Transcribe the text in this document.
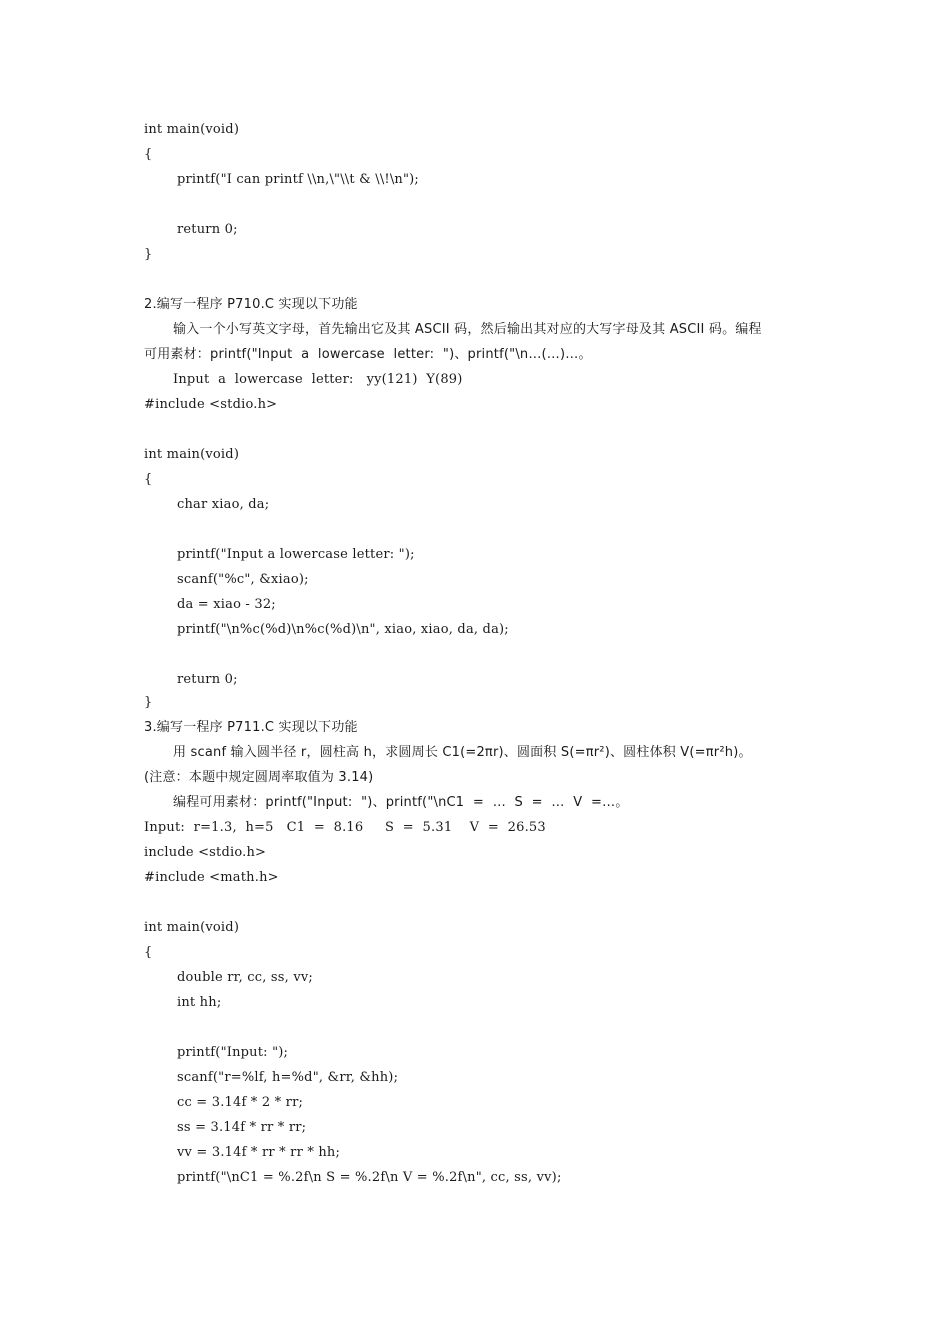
int main(void)
{
printf("I can printf \\n,\"\\t & \\!\n");
return 0;
}
2.编写一程序 P710.C 实现以下功能
输入一个小写英文字母，首先输出它及其 ASCII 码，然后输出其对应的大写字母及其 ASCII 码。编程
可用素材：printf("Input  a  lowercase  letter:  ")、printf("\n…(…)…。
Input  a  lowercase  letter:   yy(121)  Y(89)
#include <stdio.h>
int main(void)
{
char xiao, da;
printf("Input a lowercase letter: ");
scanf("%c", &xiao);
da = xiao - 32;
printf("\n%c(%d)\n%c(%d)\n", xiao, xiao, da, da);
return 0;
}
3.编写一程序 P711.C 实现以下功能
用 scanf 输入圆半径 r，圆柱高 h，求圆周长 C1(=2πr)、圆面积 S(=πr²)、圆柱体积 V(=πr²h)。
(注意：本题中规定圆周率取值为 3.14)
编程可用素材：printf("Input:  ")、printf("\nC1  =  …  S  =  …  V  =…。
Input:  r=1.3,  h=5   C1  =  8.16     S  =  5.31    V  =  26.53
include <stdio.h>
#include <math.h>
int main(void)
{
double rr, cc, ss, vv;
int hh;
printf("Input: ");
scanf("r=%lf, h=%d", &rr, &hh);
cc = 3.14f * 2 * rr;
ss = 3.14f * rr * rr;
vv = 3.14f * rr * rr * hh;
printf("\nC1 = %.2f\n S = %.2f\n V = %.2f\n", cc, ss, vv);
